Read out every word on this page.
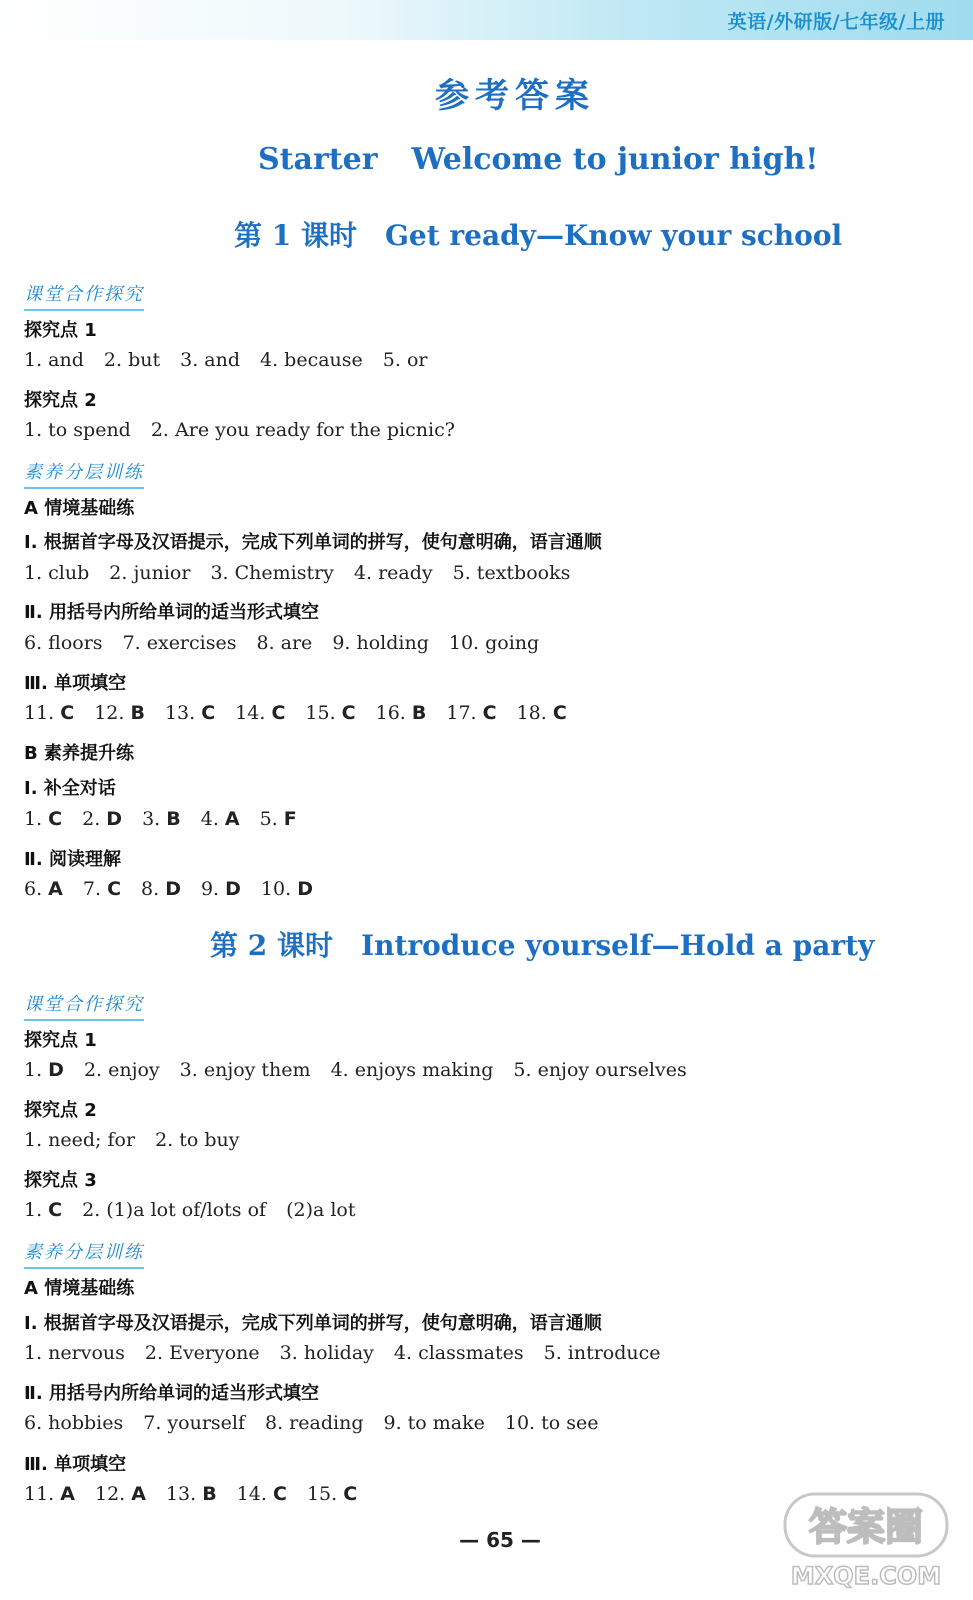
英语/外研版/七年级/上册
参考答案
Starter Welcome to junior high!
第 1 课时 Get ready—Know your school
课堂合作探究
探究点 1
1. and 2. but 3. and 4. because 5. or
探究点 2
1. to spend 2. Are you ready for the picnic?
素养分层训练
A 情境基础练
Ⅰ. 根据首字母及汉语提示，完成下列单词的拼写，使句意明确，语言通顺
1. club 2. junior 3. Chemistry 4. ready 5. textbooks
Ⅱ. 用括号内所给单词的适当形式填空
6. floors 7. exercises 8. are 9. holding 10. going
Ⅲ. 单项填空
11. C 12. B 13. C 14. C 15. C 16. B 17. C 18. C
B 素养提升练
Ⅰ. 补全对话
1. C 2. D 3. B 4. A 5. F
Ⅱ. 阅读理解
6. A 7. C 8. D 9. D 10. D
第 2 课时 Introduce yourself—Hold a party
课堂合作探究
探究点 1
1. D 2. enjoy 3. enjoy them 4. enjoys making 5. enjoy ourselves
探究点 2
1. need; for 2. to buy
探究点 3
1. C 2. (1)a lot of/lots of (2)a lot
素养分层训练
A 情境基础练
Ⅰ. 根据首字母及汉语提示，完成下列单词的拼写，使句意明确，语言通顺
1. nervous 2. Everyone 3. holiday 4. classmates 5. introduce
Ⅱ. 用括号内所给单词的适当形式填空
6. hobbies 7. yourself 8. reading 9. to make 10. to see
Ⅲ. 单项填空
11. A 12. A 13. B 14. C 15. C
— 65 —	答案圈
MXQE.COM
